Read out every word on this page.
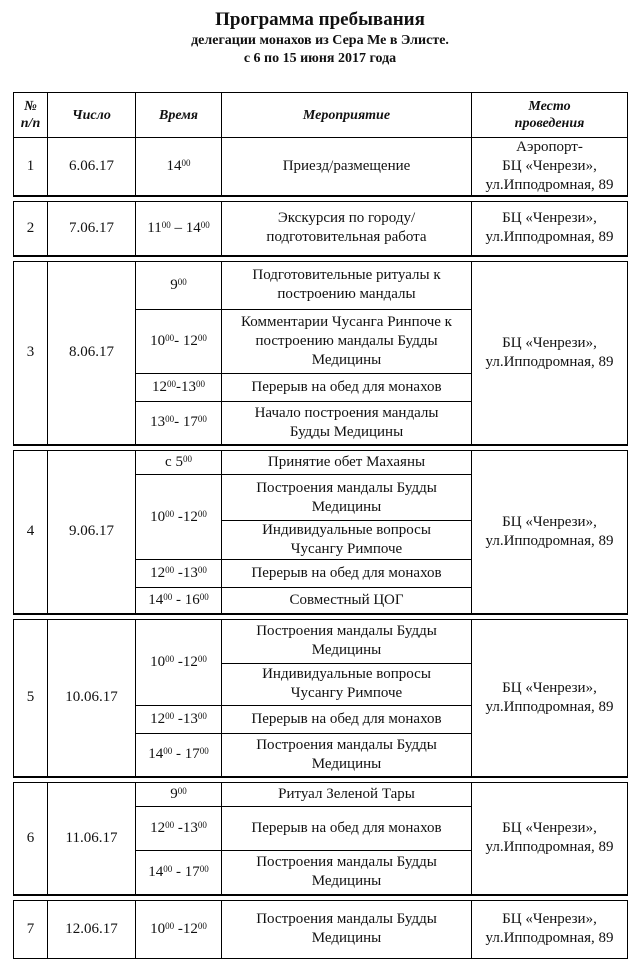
Программа пребывания
делегации монахов из Сера Ме в Элисте.
с 6 по 15 июня 2017 года
№
п/п	Число	Время	Мероприятие	Место
проведения
1	6.06.17	$14^{00}$	Приезд/размещение	Аэропорт-
БЦ «Ченрези»,
ул.Ипподромная, 89

2	7.06.17	$11^{00} - 14^{00}$	Экскурсия по городу/
подготовительная работа	БЦ «Ченрези»,
ул.Ипподромная, 89

3	8.06.17	$9^{00}$	Подготовительные ритуалы к
построению мандалы	БЦ «Ченрези»,
ул.Ипподромная, 89
		$10^{00}-$ $12^{00}$	Комментарии Чусанга Ринпоче к
построению мандалы Будды
Медицины	
		$12^{00}-13^{00}$	Перерыв на обед для монахов	
		$13^{00}-$ $17^{00}$	Начало построения мандалы
Будды Медицины	

4	9.06.17	с $5^{00}$	Принятие обет Махаяны	БЦ «Ченрези»,
ул.Ипподромная, 89
		$10^{00}$ $-12^{00}$	Построения мандалы Будды
Медицины	
			Индивидуальные вопросы
Чусангу Римпоче	
		$12^{00}$ $-13^{00}$	Перерыв на обед для монахов	
		$14^{00} - 16^{00}$	Совместный ЦОГ	

5	10.06.17	$10^{00}$ $-12^{00}$	Построения мандалы Будды
Медицины	БЦ «Ченрези»,
ул.Ипподромная, 89
			Индивидуальные вопросы
Чусангу Римпоче	
		$12^{00}$ $-13^{00}$	Перерыв на обед для монахов	
		$14^{00} - 17^{00}$	Построения мандалы Будды
Медицины	

6	11.06.17	$9^{00}$	Ритуал Зеленой Тары	БЦ «Ченрези»,
ул.Ипподромная, 89
		$12^{00}$ $-13^{00}$	Перерыв на обед для монахов	
		$14^{00} - 17^{00}$	Построения мандалы Будды
Медицины	

7	12.06.17	$10^{00}$ $-12^{00}$	Построения мандалы Будды
Медицины	БЦ «Ченрези»,
ул.Ипподромная, 89
